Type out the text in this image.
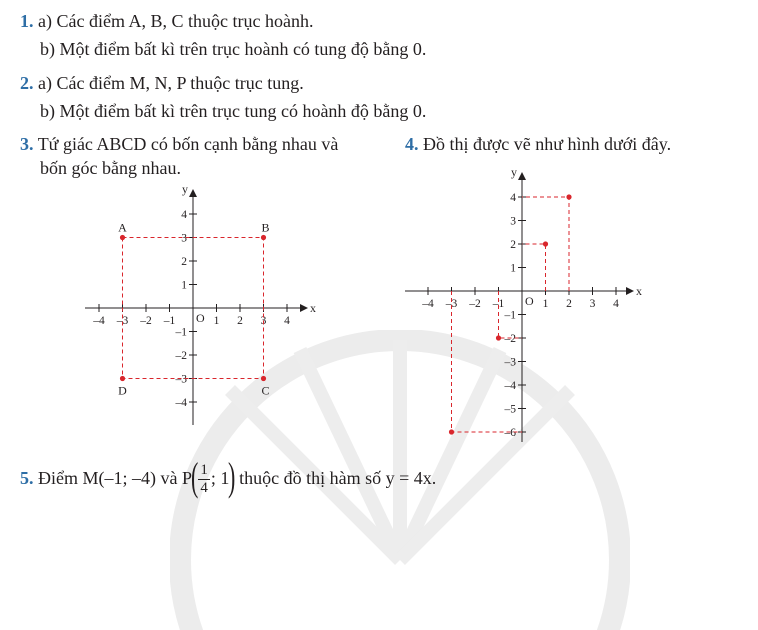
1. a) Các điểm A, B, C thuộc trục hoành.
b) Một điểm bất kì trên trục hoành có tung độ bằng 0.
2. a) Các điểm M, N, P thuộc trục tung.
b) Một điểm bất kì trên trục tung có hoành độ bằng 0.
3. Tứ giác ABCD có bốn cạnh bằng nhau và
bốn góc bằng nhau.
4. Đồ thị được vẽ như hình dưới đây.
x
y
O
–4 –3 –2 –1	1 2 3 4
4
3
2
1
–1
–2
–3
–4
A	B
C
D
x
y
O
–4 –3 –2 –1	1 2 3 4
4
3
2
1
–1
–2
–3
–4
–5
–6
5. Điểm M(–1; –4) và $P( \frac{1}{4}$ ; 1) thuộc đồ thị hàm số y = 4x.
